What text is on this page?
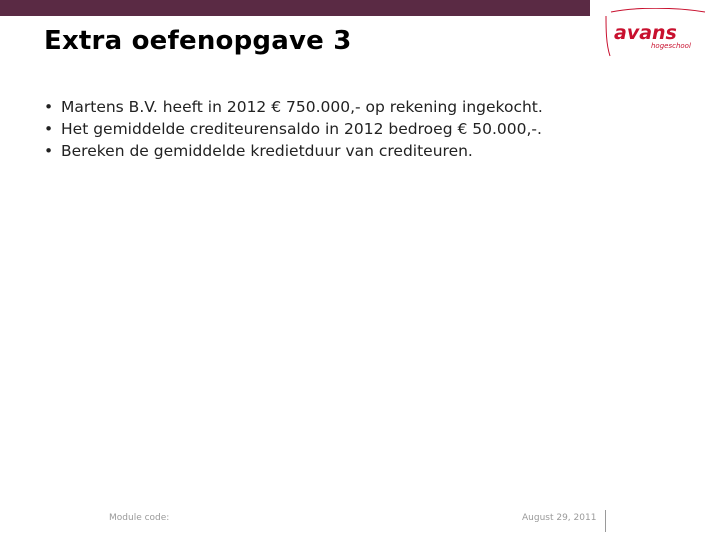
Extra oefenopgave 3	avans
hogeschool
• Martens B.V. heeft in 2012 € 750.000,- op rekening ingekocht.
• Het gemiddelde crediteurensaldo in 2012 bedroeg € 50.000,-.
• Bereken de gemiddelde kredietduur van crediteuren.
Module code:	August 29, 2011
